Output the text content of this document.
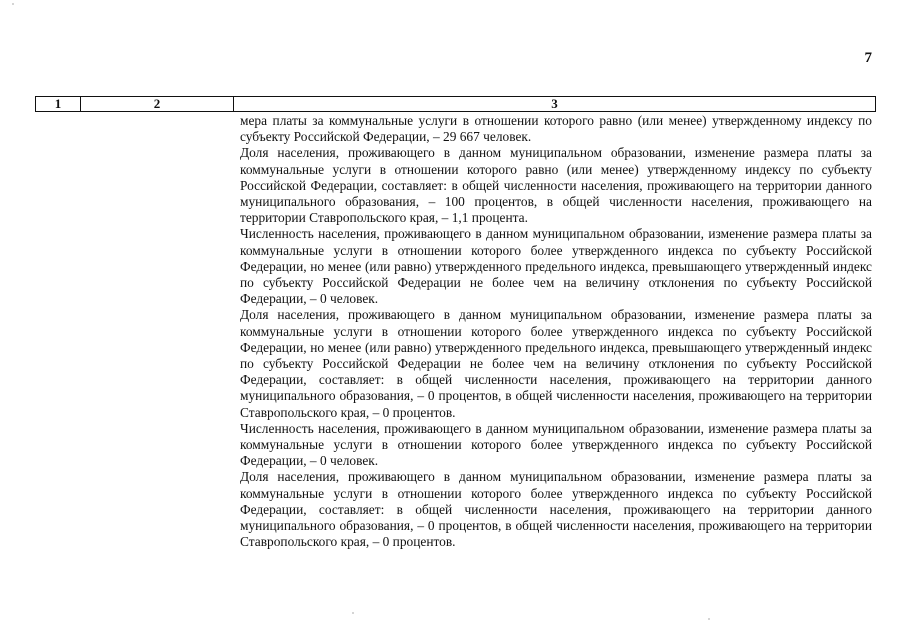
7
1	2	3

мера платы за коммунальные услуги в отношении которого равно (или менее) утвержденному индексу по субъекту Российской Федерации, – 29 667 человек.

Доля населения, проживающего в данном муниципальном образовании, изменение размера платы за коммунальные услуги в отношении которого равно (или менее) утвержденному индексу по субъекту Российской Федерации, составляет: в общей численности населения, проживающего на территории данного муниципального образования, – 100 процентов, в общей численности населения, проживающего на территории Ставропольского края, – 1,1 процента.

Численность населения, проживающего в данном муниципальном образовании, изменение размера платы за коммунальные услуги в отношении которого более утвержденного индекса по субъекту Российской Федерации, но менее (или равно) утвержденного предельного индекса, превышающего утвержденный индекс по субъекту Российской Федерации не более чем на величину отклонения по субъекту Российской Федерации, – 0 человек.

Доля населения, проживающего в данном муниципальном образовании, изменение размера платы за коммунальные услуги в отношении которого более утвержденного индекса по субъекту Российской Федерации, но менее (или равно) утвержденного предельного индекса, превышающего утвержденный индекс по субъекту Российской Федерации не более чем на величину отклонения по субъекту Российской Федерации, составляет: в общей численности населения, проживающего на территории данного муниципального образования, – 0 процентов, в общей численности населения, проживающего на территории Ставропольского края, – 0 процентов.

Численность населения, проживающего в данном муниципальном образовании, изменение размера платы за коммунальные услуги в отношении которого более утвержденного индекса по субъекту Российской Федерации, – 0 человек.

Доля населения, проживающего в данном муниципальном образовании, изменение размера платы за коммунальные услуги в отношении которого более утвержденного индекса по субъекту Российской Федерации, составляет: в общей численности населения, проживающего на территории данного муниципального образования, – 0 процентов, в общей численности населения, проживающего на территории Ставропольского края, – 0 процентов.
